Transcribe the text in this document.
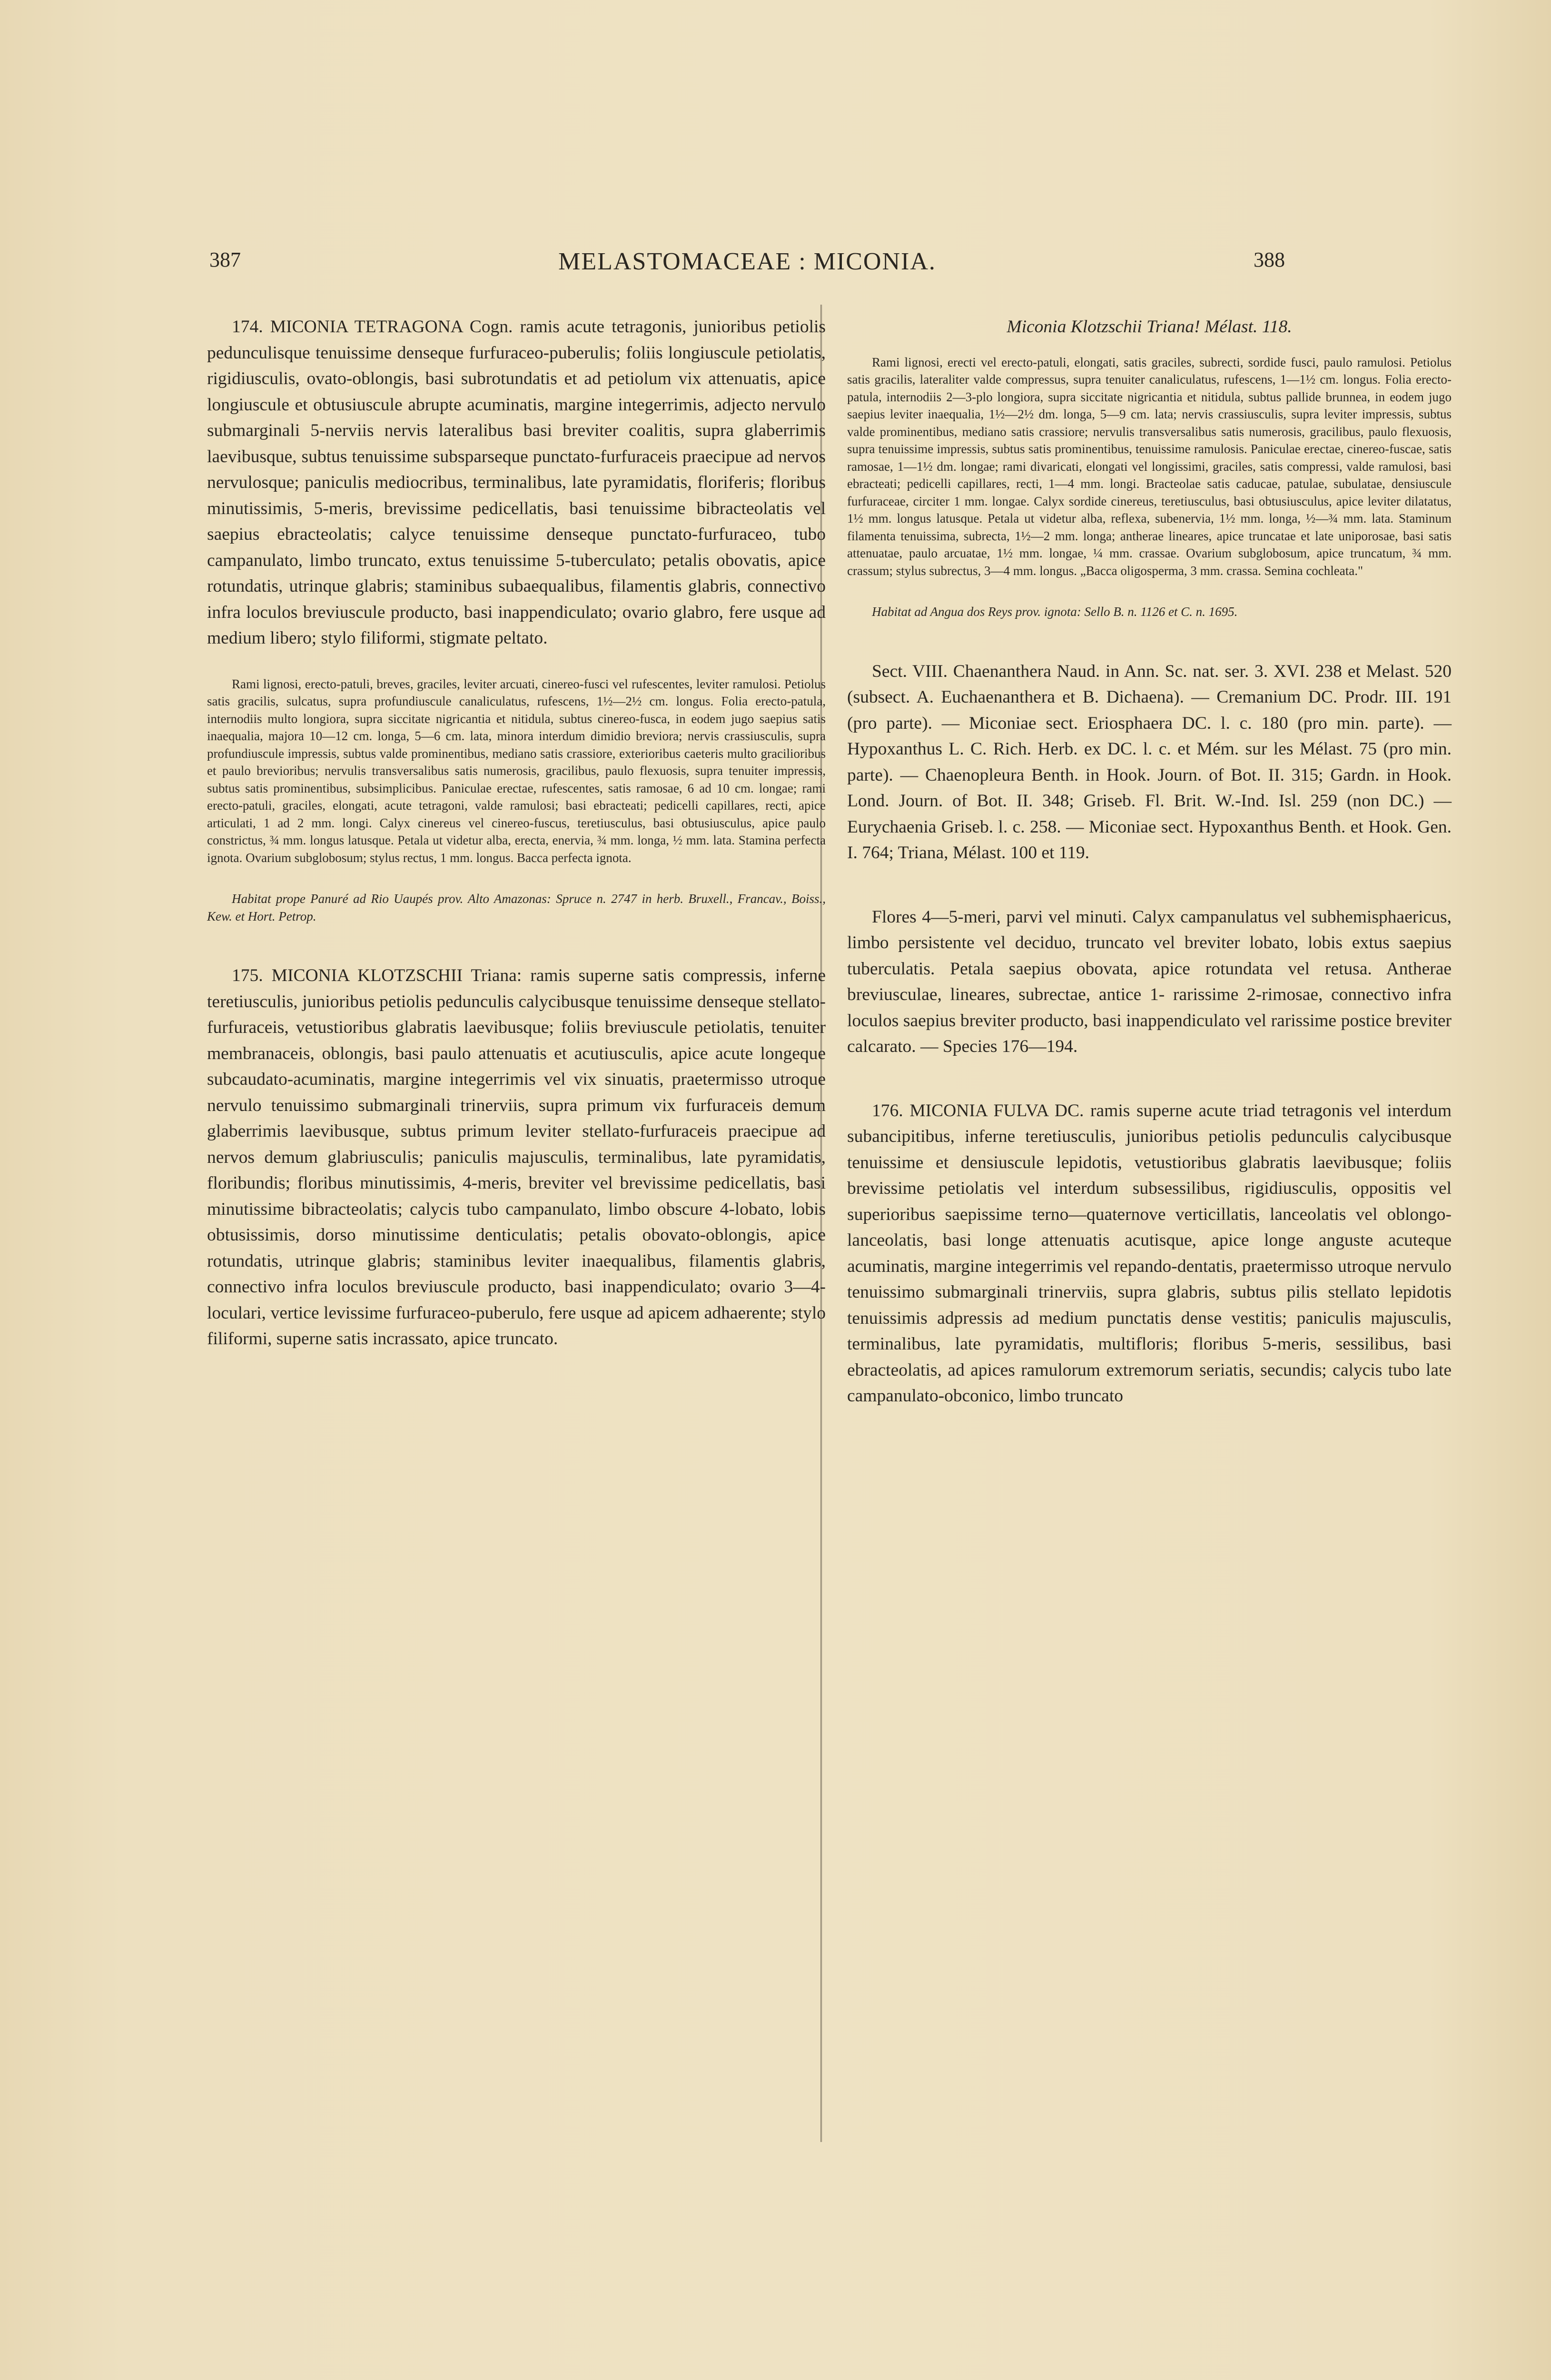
387	MELASTOMACEAE : MICONIA.	388

174. MICONIA TETRAGONA Cogn. ramis acute tetragonis, junioribus petiolis pedunculisque tenuissime denseque furfuraceo-puberulis; foliis longiuscule petiolatis, rigidiusculis, ovato-oblongis, basi subrotundatis et ad petiolum vix attenuatis, apice longiuscule et obtusiuscule abrupte acuminatis, margine integerrimis, adjecto nervulo submarginali 5-nerviis nervis lateralibus basi breviter coalitis, supra glaberrimis laevibusque, subtus tenuissime subsparseque punctato-furfuraceis praecipue ad nervos nervulosque; paniculis mediocribus, terminalibus, late pyramidatis, floriferis; floribus minutissimis, 5-meris, brevissime pedicellatis, basi tenuissime bibracteolatis vel saepius ebracteolatis; calyce tenuissime denseque punctato-furfuraceo, tubo campanulato, limbo truncato, extus tenuissime 5-tuberculato; petalis obovatis, apice rotundatis, utrinque glabris; staminibus subaequalibus, filamentis glabris, connectivo infra loculos breviuscule producto, basi inappendiculato; ovario glabro, fere usque ad medium libero; stylo filiformi, stigmate peltato.

Rami lignosi, erecto-patuli, breves, graciles, leviter arcuati, cinereo-fusci vel rufescentes, leviter ramulosi. Petiolus satis gracilis, sulcatus, supra profundiuscule canaliculatus, rufescens, 1½—2½ cm. longus. Folia erecto-patula, internodiis multo longiora, supra siccitate nigricantia et nitidula, subtus cinereo-fusca, in eodem jugo saepius satis inaequalia, majora 10—12 cm. longa, 5—6 cm. lata, minora interdum dimidio breviora; nervis crassiusculis, supra profundiuscule impressis, subtus valde prominentibus, mediano satis crassiore, exterioribus caeteris multo gracilioribus et paulo brevioribus; nervulis transversalibus satis numerosis, gracilibus, paulo flexuosis, supra tenuiter impressis, subtus satis prominentibus, subsimplicibus. Paniculae erectae, rufescentes, satis ramosae, 6 ad 10 cm. longae; rami erecto-patuli, graciles, elongati, acute tetragoni, valde ramulosi; basi ebracteati; pedicelli capillares, recti, apice articulati, 1 ad 2 mm. longi. Calyx cinereus vel cinereo-fuscus, teretiusculus, basi obtusiusculus, apice paulo constrictus, ¾ mm. longus latusque. Petala ut videtur alba, erecta, enervia, ¾ mm. longa, ½ mm. lata. Stamina perfecta ignota. Ovarium subglobosum; stylus rectus, 1 mm. longus. Bacca perfecta ignota.

Habitat prope Panuré ad Rio Uaupés prov. Alto Amazonas: Spruce n. 2747 in herb. Bruxell., Francav., Boiss., Kew. et Hort. Petrop.

175. MICONIA KLOTZSCHII Triana: ramis superne satis compressis, inferne teretiusculis, junioribus petiolis pedunculis calycibusque tenuissime denseque stellato-furfuraceis, vetustioribus glabratis laevibusque; foliis breviuscule petiolatis, tenuiter membranaceis, oblongis, basi paulo attenuatis et acutiusculis, apice acute longeque subcaudato-acuminatis, margine integerrimis vel vix sinuatis, praetermisso utroque nervulo tenuissimo submarginali trinerviis, supra primum vix furfuraceis demum glaberrimis laevibusque, subtus primum leviter stellato-furfuraceis praecipue ad nervos demum glabriusculis; paniculis majusculis, terminalibus, late pyramidatis, floribundis; floribus minutissimis, 4-meris, breviter vel brevissime pedicellatis, basi minutissime bibracteolatis; calycis tubo campanulato, limbo obscure 4-lobato, lobis obtusissimis, dorso minutissime denticulatis; petalis obovato-oblongis, apice rotundatis, utrinque glabris; staminibus leviter inaequalibus, filamentis glabris, connectivo infra loculos breviuscule producto, basi inappendiculato; ovario 3—4-loculari, vertice levissime furfuraceo-puberulo, fere usque ad apicem adhaerente; stylo filiformi, superne satis incrassato, apice truncato.

Miconia Klotzschii Triana! Mélast. 118.

Rami lignosi, erecti vel erecto-patuli, elongati, satis graciles, subrecti, sordide fusci, paulo ramulosi. Petiolus satis gracilis, lateraliter valde compressus, supra tenuiter canaliculatus, rufescens, 1—1½ cm. longus. Folia erecto-patula, internodiis 2—3-plo longiora, supra siccitate nigricantia et nitidula, subtus pallide brunnea, in eodem jugo saepius leviter inaequalia, 1½—2½ dm. longa, 5—9 cm. lata; nervis crassiusculis, supra leviter impressis, subtus valde prominentibus, mediano satis crassiore; nervulis transversalibus satis numerosis, gracilibus, paulo flexuosis, supra tenuissime impressis, subtus satis prominentibus, tenuissime ramulosis. Paniculae erectae, cinereo-fuscae, satis ramosae, 1—1½ dm. longae; rami divaricati, elongati vel longissimi, graciles, satis compressi, valde ramulosi, basi ebracteati; pedicelli capillares, recti, 1—4 mm. longi. Bracteolae satis caducae, patulae, subulatae, densiuscule furfuraceae, circiter 1 mm. longae. Calyx sordide cinereus, teretiusculus, basi obtusiusculus, apice leviter dilatatus, 1½ mm. longus latusque. Petala ut videtur alba, reflexa, subenervia, 1½ mm. longa, ½—¾ mm. lata. Staminum filamenta tenuissima, subrecta, 1½—2 mm. longa; antherae lineares, apice truncatae et late uniporosae, basi satis attenuatae, paulo arcuatae, 1½ mm. longae, ¼ mm. crassae. Ovarium subglobosum, apice truncatum, ¾ mm. crassum; stylus subrectus, 3—4 mm. longus. „Bacca oligosperma, 3 mm. crassa. Semina cochleata."

Habitat ad Angua dos Reys prov. ignota: Sello B. n. 1126 et C. n. 1695.

Sect. VIII. Chaenanthera Naud. in Ann. Sc. nat. ser. 3. XVI. 238 et Melast. 520 (subsect. A. Euchaenanthera et B. Dichaena). — Cremanium DC. Prodr. III. 191 (pro parte). — Miconiae sect. Eriosphaera DC. l. c. 180 (pro min. parte). — Hypoxanthus L. C. Rich. Herb. ex DC. l. c. et Mém. sur les Mélast. 75 (pro min. parte). — Chaenopleura Benth. in Hook. Journ. of Bot. II. 315; Gardn. in Hook. Lond. Journ. of Bot. II. 348; Griseb. Fl. Brit. W.-Ind. Isl. 259 (non DC.) — Eurychaenia Griseb. l. c. 258. — Miconiae sect. Hypoxanthus Benth. et Hook. Gen. I. 764; Triana, Mélast. 100 et 119.

Flores 4—5-meri, parvi vel minuti. Calyx campanulatus vel subhemisphaericus, limbo persistente vel deciduo, truncato vel breviter lobato, lobis extus saepius tuberculatis. Petala saepius obovata, apice rotundata vel retusa. Antherae breviusculae, lineares, subrectae, antice 1- rarissime 2-rimosae, connectivo infra loculos saepius breviter producto, basi inappendiculato vel rarissime postice breviter calcarato. — Species 176—194.

176. MICONIA FULVA DC. ramis superne acute triad tetragonis vel interdum subancipitibus, inferne teretiusculis, junioribus petiolis pedunculis calycibusque tenuissime et densiuscule lepidotis, vetustioribus glabratis laevibusque; foliis brevissime petiolatis vel interdum subsessilibus, rigidiusculis, oppositis vel superioribus saepissime terno—quaternove verticillatis, lanceolatis vel oblongo-lanceolatis, basi longe attenuatis acutisque, apice longe anguste acuteque acuminatis, margine integerrimis vel repando-dentatis, praetermisso utroque nervulo tenuissimo submarginali trinerviis, supra glabris, subtus pilis stellato lepidotis tenuissimis adpressis ad medium punctatis dense vestitis; paniculis majusculis, terminalibus, late pyramidatis, multifloris; floribus 5-meris, sessilibus, basi ebracteolatis, ad apices ramulorum extremorum seriatis, secundis; calycis tubo late campanulato-obconico, limbo truncato
